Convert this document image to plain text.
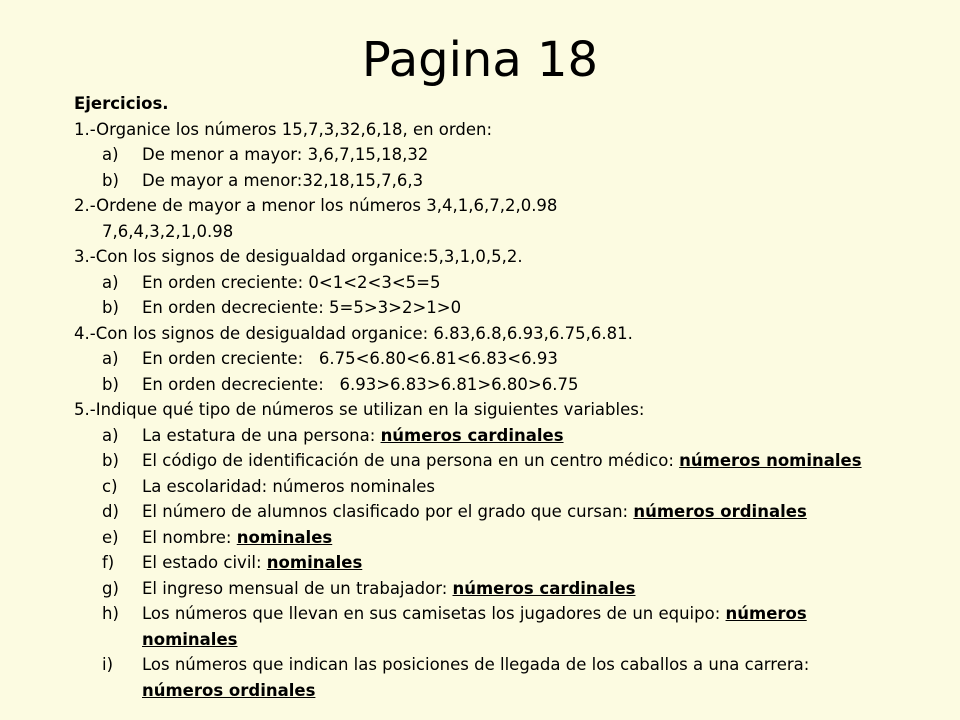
Pagina 18
Ejercicios.
1.-Organice los números 15,7,3,32,6,18, en orden:
a)	De menor a mayor: 3,6,7,15,18,32
b)	De mayor a menor:32,18,15,7,6,3
2.-Ordene de mayor a menor los números 3,4,1,6,7,2,0.98
7,6,4,3,2,1,0.98
3.-Con los signos de desigualdad organice:5,3,1,0,5,2.
a)	En orden creciente: 0<1<2<3<5=5
b)	En orden decreciente: 5=5>3>2>1>0
4.-Con los signos de desigualdad organice: 6.83,6.8,6.93,6.75,6.81.
a)	En orden creciente:   6.75<6.80<6.81<6.83<6.93
b)	En orden decreciente:   6.93>6.83>6.81>6.80>6.75
5.-Indique qué tipo de números se utilizan en la siguientes variables:
a)	La estatura de una persona: números cardinales
b)	El código de identificación de una persona en un centro médico: números nominales
c)	La escolaridad: números nominales
d)	El número de alumnos clasificado por el grado que cursan: números ordinales
e)	El nombre: nominales
f)	El estado civil: nominales
g)	El ingreso mensual de un trabajador: números cardinales
h)	Los números que llevan en sus camisetas los jugadores de un equipo: números
nominales
i)	Los números que indican las posiciones de llegada de los caballos a una carrera:
números ordinales
